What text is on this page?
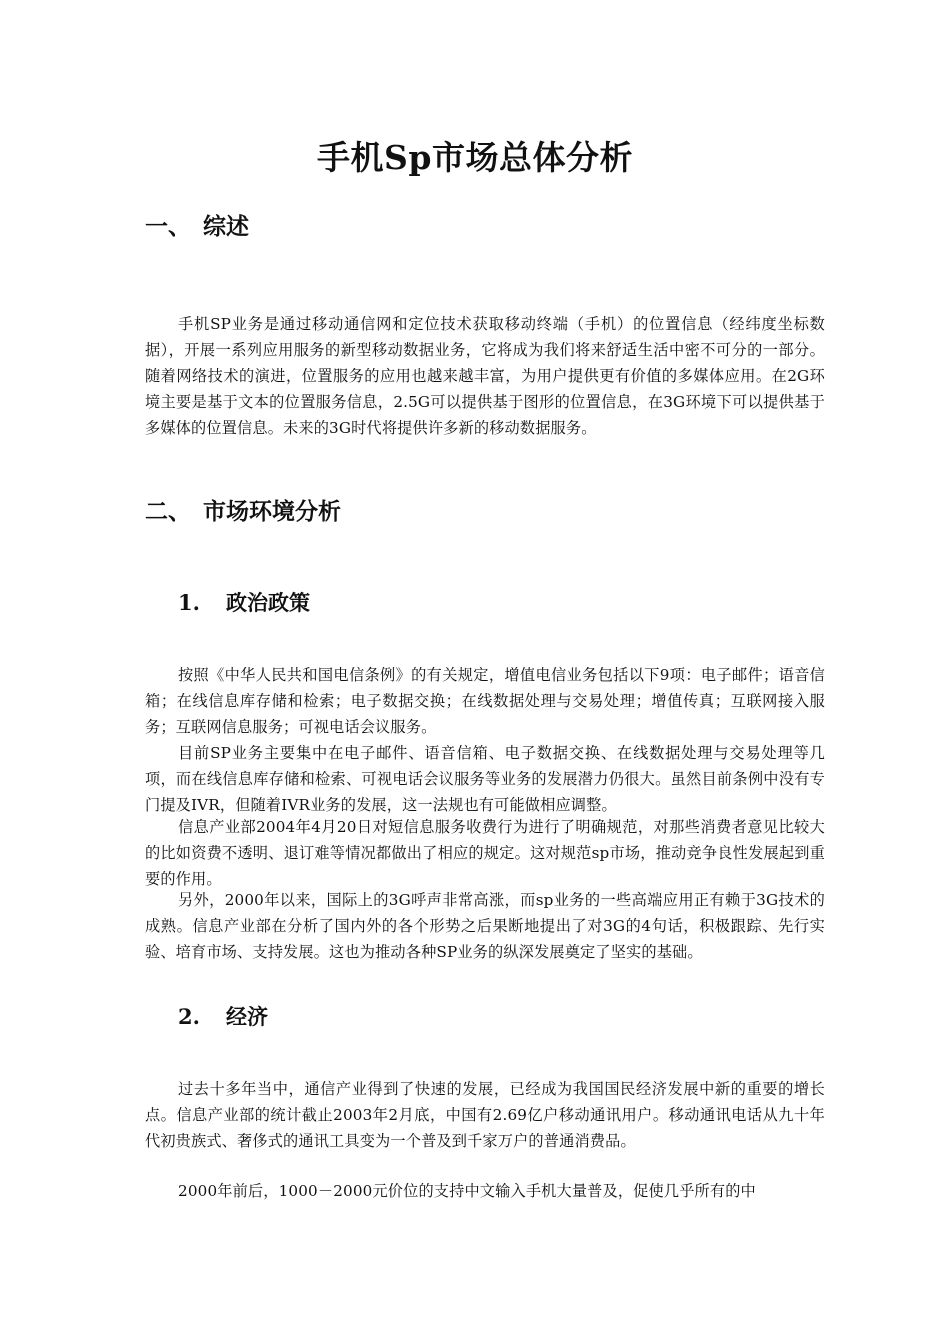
手机Sp市场总体分析
一、 综述

手机SP业务是通过移动通信网和定位技术获取移动终端（手机）的位置信息（经纬度坐标数据），开展一系列应用服务的新型移动数据业务，它将成为我们将来舒适生活中密不可分的一部分。随着网络技术的演进，位置服务的应用也越来越丰富，为用户提供更有价值的多媒体应用。在2G环境主要是基于文本的位置服务信息，2.5G可以提供基于图形的位置信息，在3G环境下可以提供基于多媒体的位置信息。未来的3G时代将提供许多新的移动数据服务。

二、 市场环境分析
1. 政治政策

按照《中华人民共和国电信条例》的有关规定，增值电信业务包括以下9项：电子邮件；语音信箱；在线信息库存储和检索；电子数据交换；在线数据处理与交易处理；增值传真；互联网接入服务；互联网信息服务；可视电话会议服务。

目前SP业务主要集中在电子邮件、语音信箱、电子数据交换、在线数据处理与交易处理等几项，而在线信息库存储和检索、可视电话会议服务等业务的发展潜力仍很大。虽然目前条例中没有专门提及IVR，但随着IVR业务的发展，这一法规也有可能做相应调整。

信息产业部2004年4月20日对短信息服务收费行为进行了明确规范，对那些消费者意见比较大的比如资费不透明、退订难等情况都做出了相应的规定。这对规范sp市场，推动竞争良性发展起到重要的作用。

另外，2000年以来，国际上的3G呼声非常高涨，而sp业务的一些高端应用正有赖于3G技术的成熟。信息产业部在分析了国内外的各个形势之后果断地提出了对3G的4句话，积极跟踪、先行实验、培育市场、支持发展。这也为推动各种SP业务的纵深发展奠定了坚实的基础。

2. 经济

过去十多年当中，通信产业得到了快速的发展，已经成为我国国民经济发展中新的重要的增长点。信息产业部的统计截止2003年2月底，中国有2.69亿户移动通讯用户。移动通讯电话从九十年代初贵族式、奢侈式的通讯工具变为一个普及到千家万户的普通消费品。

2000年前后，1000－2000元价位的支持中文输入手机大量普及，促使几乎所有的中
